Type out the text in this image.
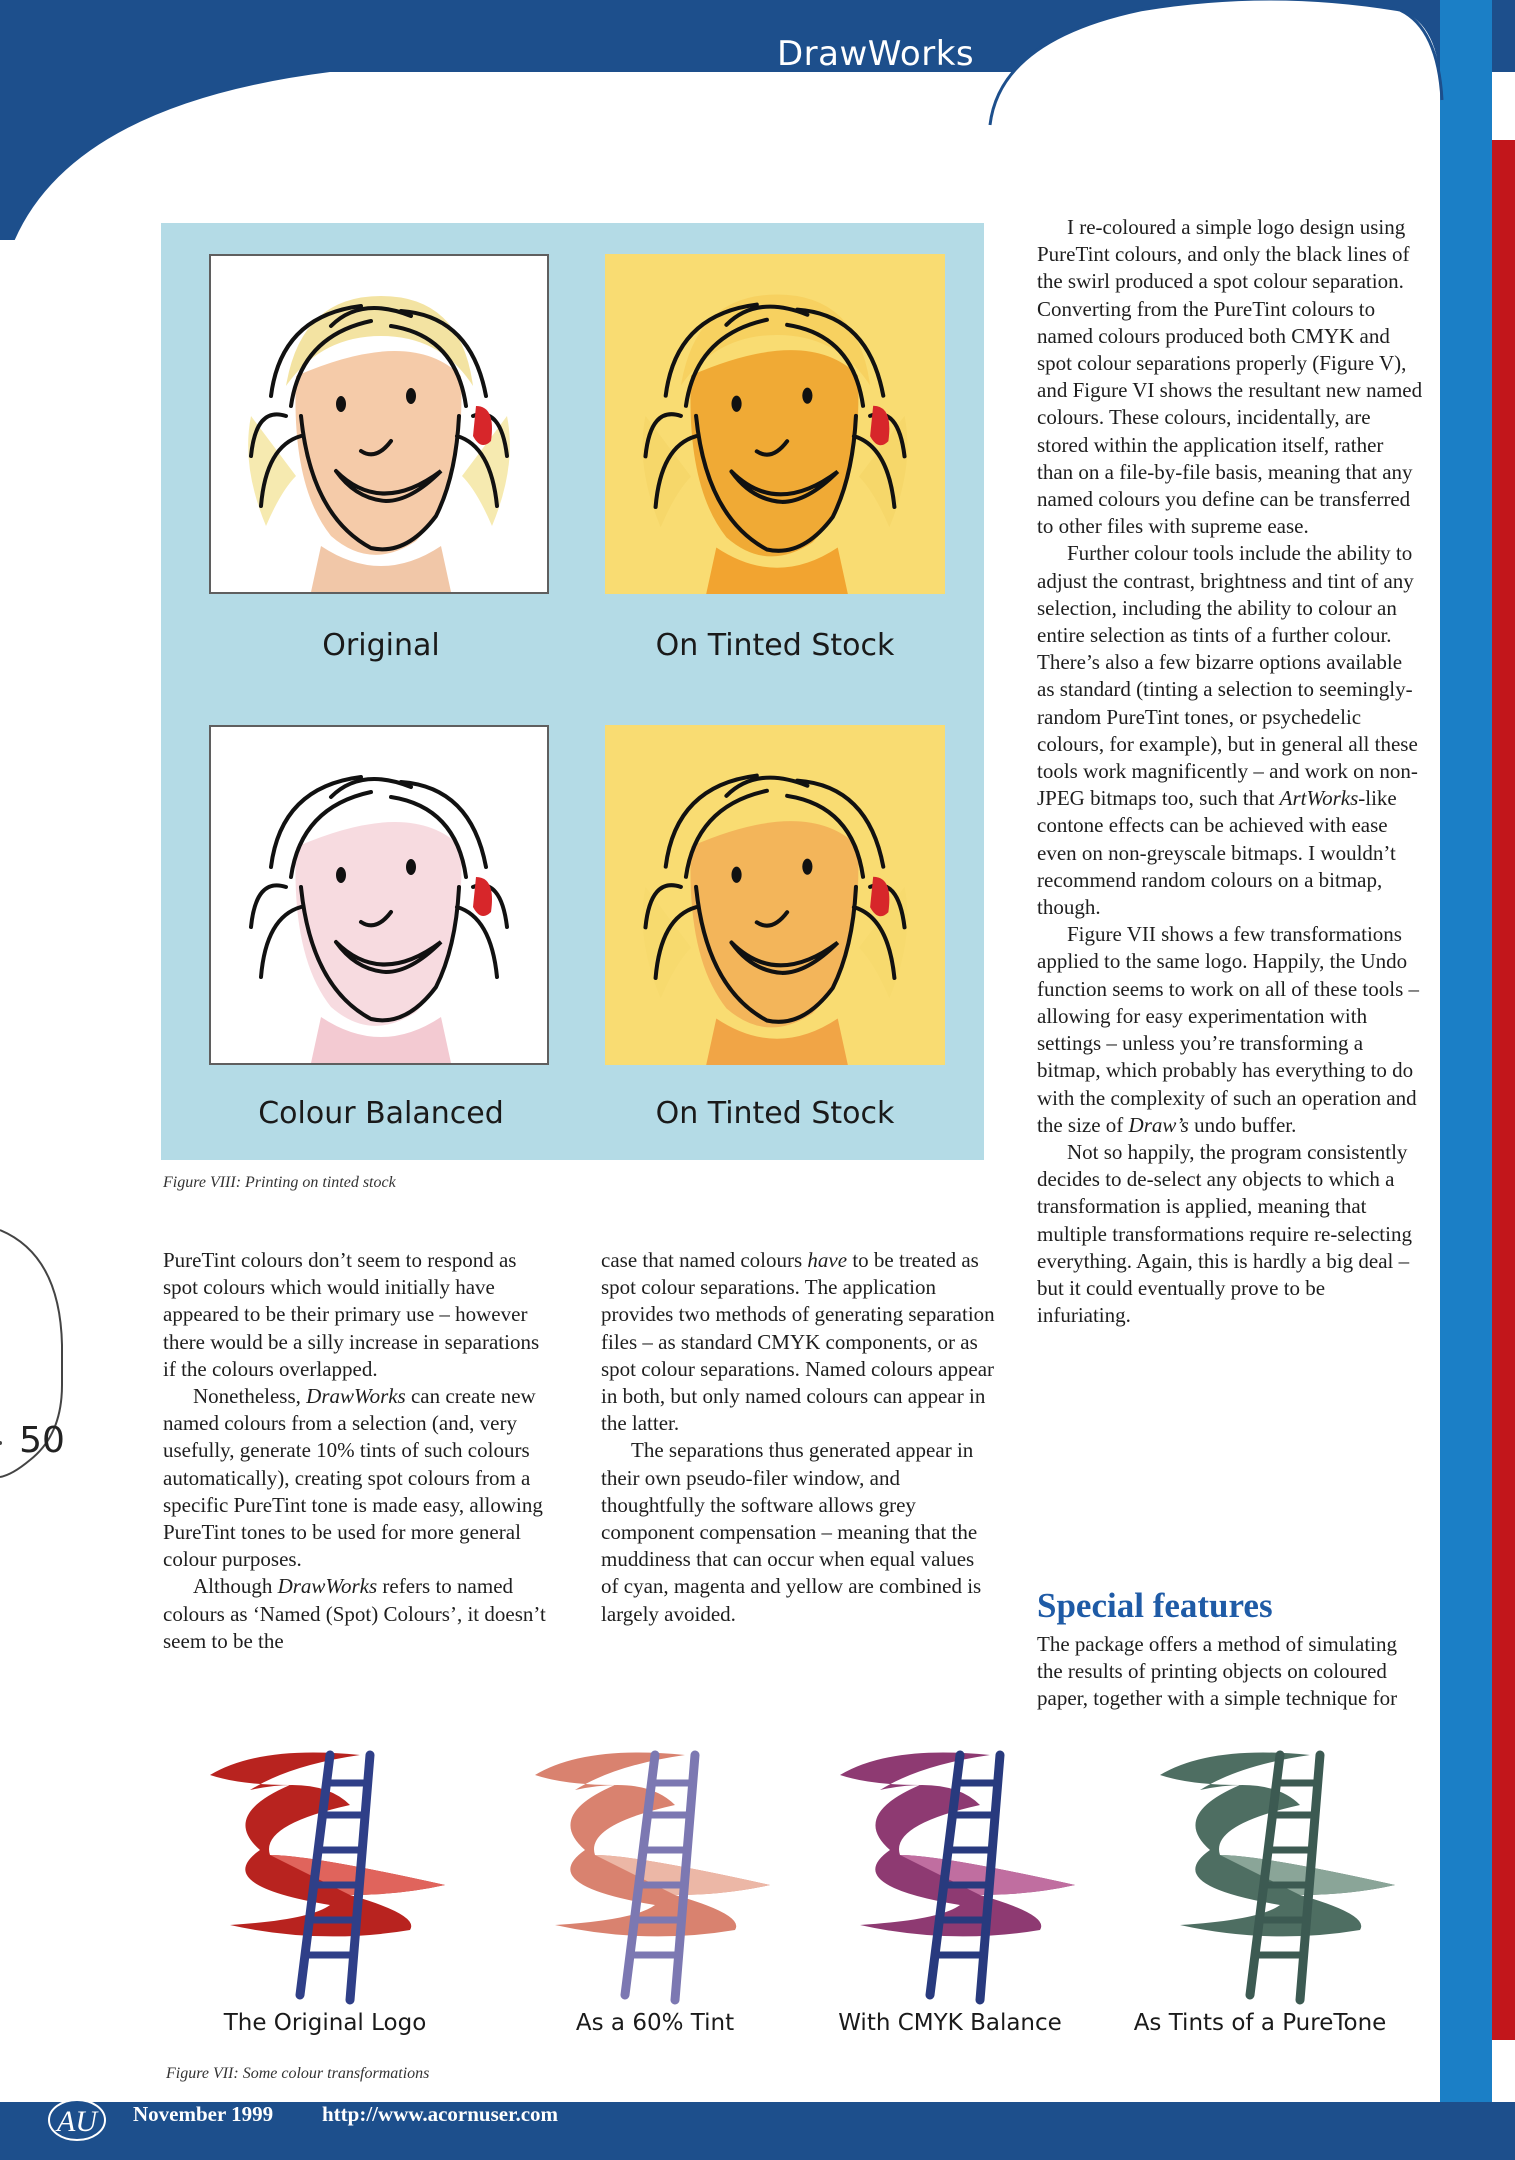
DrawWorks
50
Original	On Tinted Stock
Colour Balanced	On Tinted Stock
Figure VIII: Printing on tinted stock

PureTint colours don’t seem to respond as spot colours which would initially have appeared to be their primary use – however there would be a silly increase in separations if the colours overlapped.

Nonetheless, DrawWorks can create new named colours from a selection (and, very usefully, generate 10% tints of such colours automatically), creating spot colours from a specific PureTint tone is made easy, allowing PureTint tones to be used for more general colour purposes.

Although DrawWorks refers to named colours as ‘Named (Spot) Colours’, it doesn’t seem to be the

case that named colours have to be treated as spot colour separations. The application provides two methods of generating separation files – as standard CMYK components, or as spot colour separations. Named colours appear in both, but only named colours can appear in the latter.

The separations thus generated appear in their own pseudo-filer window, and thoughtfully the software allows grey component compensation – meaning that the muddiness that can occur when equal values of cyan, magenta and yellow are combined is largely avoided.

I re-coloured a simple logo design using PureTint colours, and only the black lines of the swirl produced a spot colour separation. Converting from the PureTint colours to named colours produced both CMYK and spot colour separations properly (Figure V), and Figure VI shows the resultant new named colours. These colours, incidentally, are stored within the application itself, rather than on a file-by-file basis, meaning that any named colours you define can be transferred to other files with supreme ease.

Further colour tools include the ability to adjust the contrast, brightness and tint of any selection, including the ability to colour an entire selection as tints of a further colour. There’s also a few bizarre options available as standard (tinting a selection to seemingly-random PureTint tones, or psychedelic colours, for example), but in general all these tools work magnificently – and work on non-JPEG bitmaps too, such that ArtWorks-like contone effects can be achieved with ease even on non-greyscale bitmaps. I wouldn’t recommend random colours on a bitmap, though.

Figure VII shows a few transformations applied to the same logo. Happily, the Undo function seems to work on all of these tools – allowing for easy experimentation with settings – unless you’re transforming a bitmap, which probably has everything to do with the complexity of such an operation and the size of Draw’s undo buffer.

Not so happily, the program consistently decides to de-select any objects to which a transformation is applied, meaning that multiple transformations require re-selecting everything. Again, this is hardly a big deal – but it could eventually prove to be infuriating.

Special features

The package offers a method of simulating the results of printing objects on coloured paper, together with a simple technique for

The Original Logo	As a 60% Tint	With CMYK Balance	As Tints of a PureTone
Figure VII: Some colour transformations
AU November 1999 http://www.acornuser.com
